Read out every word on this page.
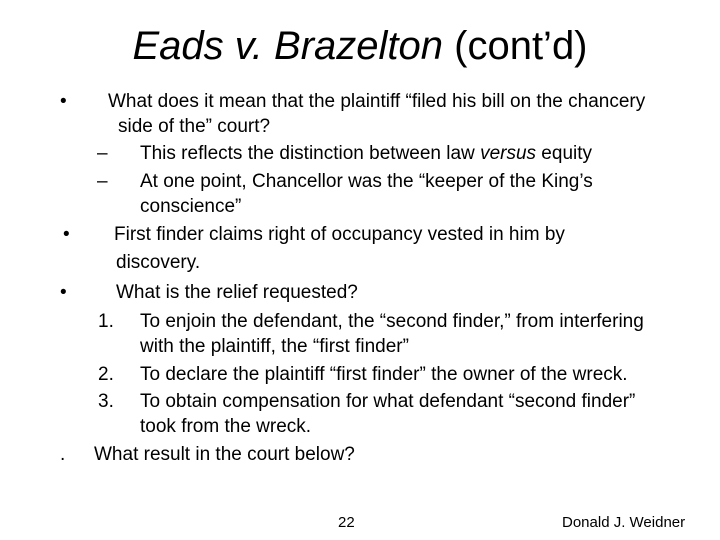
Eads v. Brazelton (cont’d)
• What does it mean that the plaintiff “filed his bill on the chancery
side of the” court?
– This reflects the distinction between law versus equity
– At one point, Chancellor was the “keeper of the King’s
conscience”
• First finder claims right of occupancy vested in him by
discovery.
•	What is the relief requested?
1. To enjoin the defendant, the “second finder,” from interfering
with the plaintiff, the “first finder”
2. To declare the plaintiff “first finder” the owner of the wreck.
3. To obtain compensation for what defendant “second finder”
took from the wreck.
. What result in the court below?
22	Donald J. Weidner
